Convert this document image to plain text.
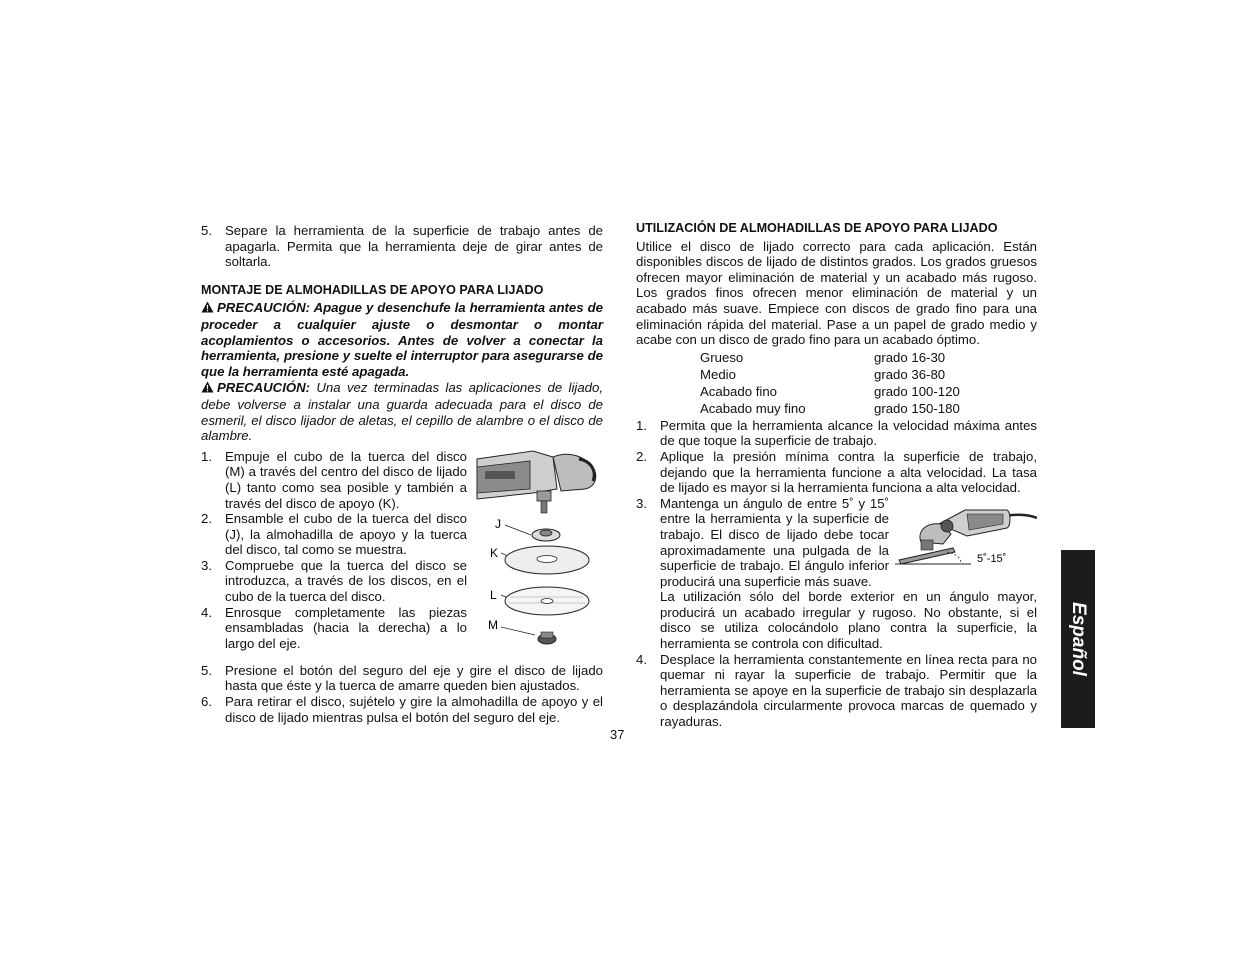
5. Separe la herramienta de la superficie de trabajo antes de apagarla. Permita que la herramienta deje de girar antes de soltarla.

MONTAJE DE ALMOHADILLAS DE APOYO PARA LIJADO

PRECAUCIÓN: Apague y desenchufe la herramienta antes de proceder a cualquier ajuste o desmontar o montar acoplamientos o accesorios. Antes de volver a conectar la herramienta, presione y suelte el interruptor para asegurarse de que la herramienta esté apagada.

PRECAUCIÓN: Una vez terminadas las aplicaciones de lijado, debe volverse a instalar una guarda adecuada para el disco de esmeril, el disco lijador de aletas, el cepillo de alambre o el disco de alambre.

J
K
L
M
1. Empuje el cubo de la tuerca del disco (M) a través del centro del disco de lijado (L) tanto como sea posible y también a través del disco de apoyo (K).
2. Ensamble el cubo de la tuerca del disco (J), la almohadilla de apoyo y la tuerca del disco, tal como se muestra.
3. Compruebe que la tuerca del disco se introduzca, a través de los discos, en el cubo de la tuerca del disco.
4. Enrosque completamente las piezas ensambladas (hacia la derecha) a lo largo del eje.
5. Presione el botón del seguro del eje y gire el disco de lijado hasta que éste y la tuerca de amarre queden bien ajustados.
6. Para retirar el disco, sujételo y gire la almohadilla de apoyo y el disco de lijado mientras pulsa el botón del seguro del eje.

UTILIZACIÓN DE ALMOHADILLAS DE APOYO PARA LIJADO

Utilice el disco de lijado correcto para cada aplicación. Están disponibles discos de lijado de distintos grados. Los grados gruesos ofrecen mayor eliminación de material y un acabado más rugoso. Los grados finos ofrecen menor eliminación de material y un acabado más suave. Empiece con discos de grado fino para una eliminación rápida del material. Pase a un papel de grado medio y acabe con un disco de grado fino para un acabado óptimo.

Grueso	grado 16-30
Medio	grado 36-80
Acabado fino	grado 100-120
Acabado muy fino	grado 150-180
1. Permita que la herramienta alcance la velocidad máxima antes de que toque la superficie de trabajo.
2. Aplique la presión mínima contra la superficie de trabajo, dejando que la herramienta funcione a alta velocidad. La tasa de lijado es mayor si la herramienta funciona a alta velocidad.
3.
5˚-15˚
Mantenga un ángulo de entre 5˚ y 15˚ entre la herramienta y la superficie de trabajo. El disco de lijado debe tocar aproximadamente una pulgada de la superficie de trabajo. El ángulo inferior producirá una superficie más suave.
La utilización sólo del borde exterior en un ángulo mayor, producirá un acabado irregular y rugoso. No obstante, si el disco se utiliza colocándolo plano contra la superficie, la herramienta se controla con dificultad.
4. Desplace la herramienta constantemente en línea recta para no quemar ni rayar la superficie de trabajo. Permitir que la herramienta se apoye en la superficie de trabajo sin desplazarla o desplazándola circularmente provoca marcas de quemado y rayaduras.
37
Español
